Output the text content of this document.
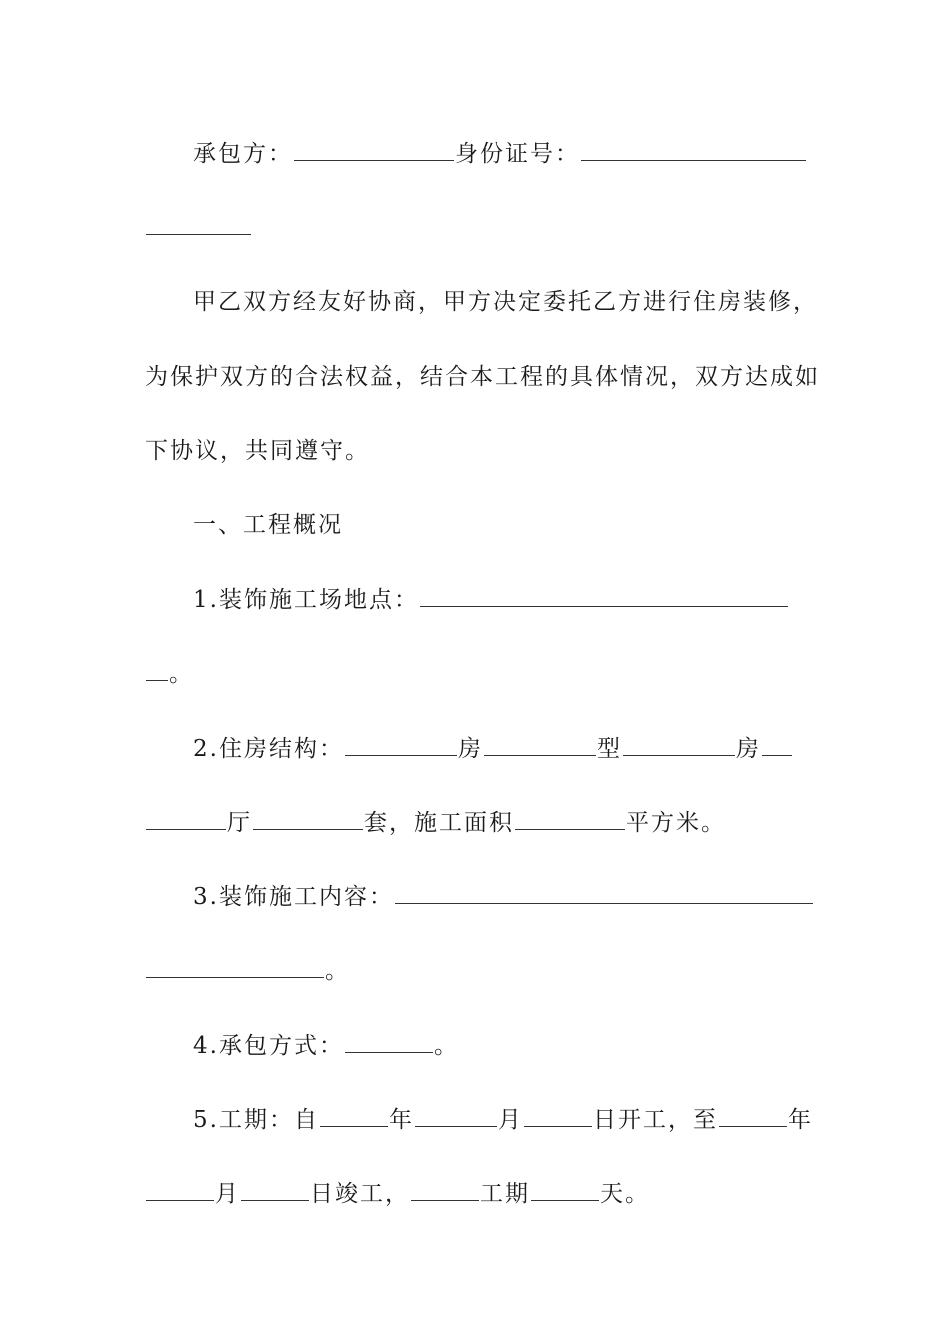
承包方：	身份证号：
甲乙双方经友好协商，甲方决定委托乙方进行住房装修，
为保护双方的合法权益，结合本工程的具体情况，双方达成如
下协议，共同遵守。
一、工程概况
1.装饰施工场地点：
。
2.住房结构：	房	型	房
厅	套，施工面积	平方米。
3.装饰施工内容：
。
4.承包方式：	。
5.工期：自	年	月	日开工，至	年
月	日竣工，	工期	天。
